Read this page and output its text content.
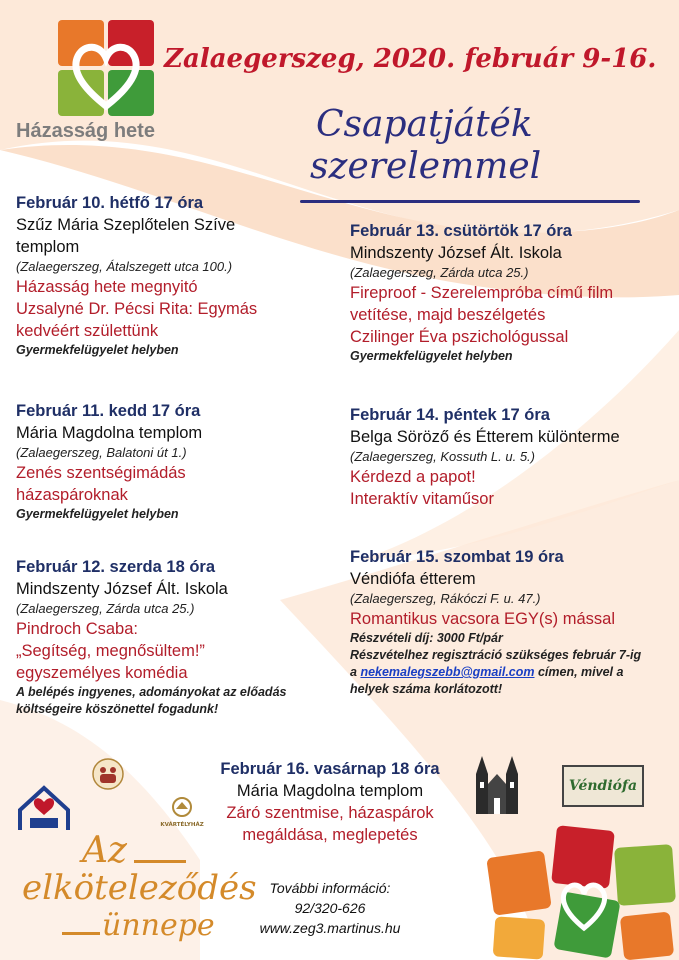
Házasság hete
Zalaegerszeg, 2020. február 9-16.
Csapatjáték
szerelemmel
Február 10. hétfő 17 óra
Szűz Mária Szeplőtelen Szíve
templom
(Zalaegerszeg, Átalszegett utca 100.)
Házasság hete megnyitó
Uzsalyné Dr. Pécsi Rita: Egymás
kedvéért születtünk
Gyermekfelügyelet helyben
Február 11. kedd 17 óra
Mária Magdolna templom
(Zalaegerszeg, Balatoni út 1.)
Zenés szentségimádás
házaspároknak
Gyermekfelügyelet helyben
Február 12. szerda 18 óra
Mindszenty József Ált. Iskola
(Zalaegerszeg, Zárda utca 25.)
Pindroch Csaba:
„Segítség, megnősültem!”
egyszemélyes komédia
A belépés ingyenes, adományokat az előadás
költségeire köszönettel fogadunk!
Február 13. csütörtök 17 óra
Mindszenty József Ált. Iskola
(Zalaegerszeg, Zárda utca 25.)
Fireproof - Szerelempróba című film
vetítése, majd beszélgetés
Czilinger Éva pszichológussal
Gyermekfelügyelet helyben
Február 14. péntek 17 óra
Belga Söröző és Étterem különterme
(Zalaegerszeg, Kossuth L. u. 5.)
Kérdezd a papot!
Interaktív vitaműsor
Február 15. szombat 19 óra
Véndiófa étterem
(Zalaegerszeg, Rákóczi F. u. 47.)
Romantikus vacsora EGY(s) mással
Részvételi díj: 3000 Ft/pár
Részvételhez regisztráció szükséges február 7-ig
a nekemalegszebb@gmail.com címen, mivel a
helyek száma korlátozott!
Február 16. vasárnap 18 óra
Mária Magdolna templom
Záró szentmise, házaspárok
megáldása, meglepetés
További információ:
92/320-626
www.zeg3.martinus.hu
Az
elköteleződés
ünnepe
KVÁRTÉLYHÁZ
Véndiófa
